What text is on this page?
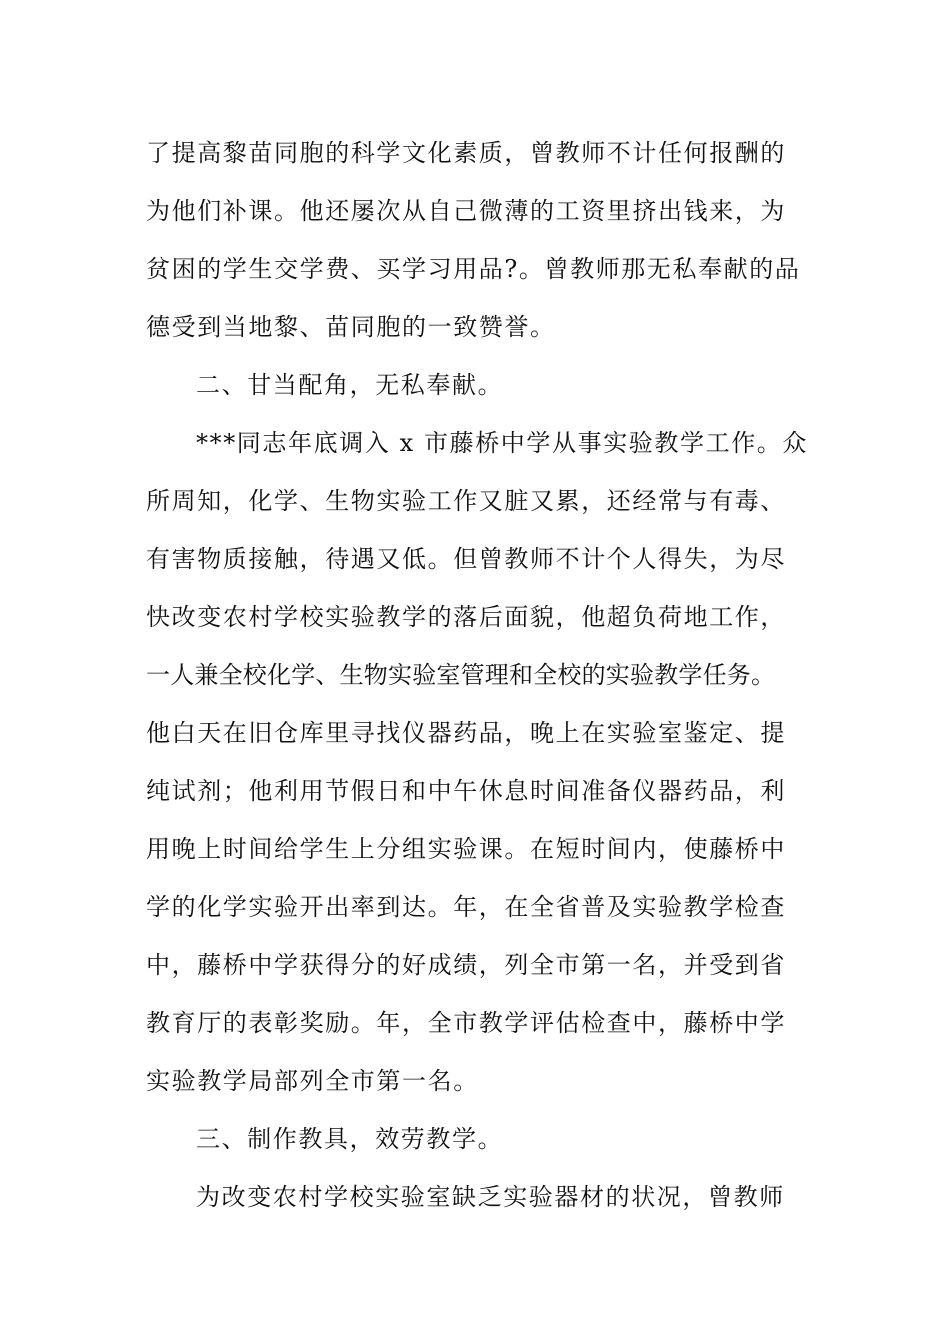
了提高黎苗同胞的科学文化素质，曾教师不计任何报酬的
为他们补课。他还屡次从自己微薄的工资里挤出钱来，为
贫困的学生交学费、买学习用品?。曾教师那无私奉献的品
德受到当地黎、苗同胞的一致赞誉。
二、甘当配角，无私奉献。
***同志年底调入 x 市藤桥中学从事实验教学工作。众
所周知，化学、生物实验工作又脏又累，还经常与有毒、
有害物质接触，待遇又低。但曾教师不计个人得失，为尽
快改变农村学校实验教学的落后面貌，他超负荷地工作，
一人兼全校化学、生物实验室管理和全校的实验教学任务。
他白天在旧仓库里寻找仪器药品，晚上在实验室鉴定、提
纯试剂；他利用节假日和中午休息时间准备仪器药品，利
用晚上时间给学生上分组实验课。在短时间内，使藤桥中
学的化学实验开出率到达。年，在全省普及实验教学检查
中，藤桥中学获得分的好成绩，列全市第一名，并受到省
教育厅的表彰奖励。年，全市教学评估检查中，藤桥中学
实验教学局部列全市第一名。
三、制作教具，效劳教学。
为改变农村学校实验室缺乏实验器材的状况，曾教师
